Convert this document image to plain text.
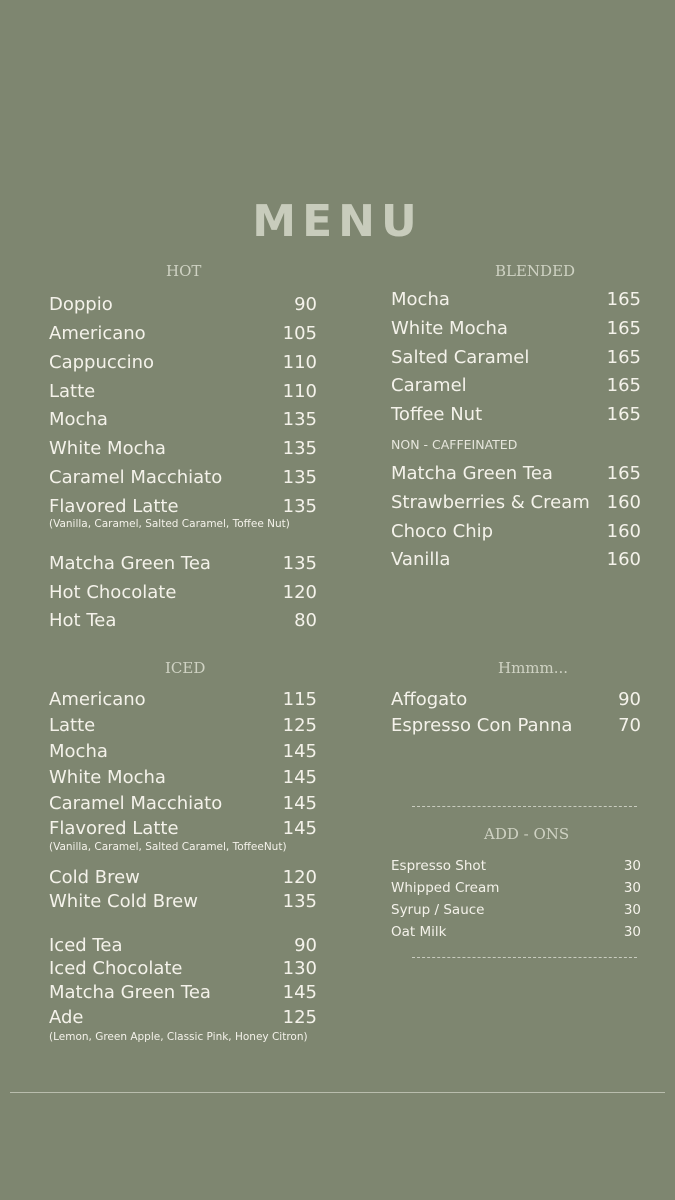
MENU
HOT
Doppio	90
Americano	105
Cappuccino	110
Latte	110
Mocha	135
White Mocha	135
Caramel Macchiato	135
Flavored Latte	135
(Vanilla, Caramel, Salted Caramel, Toffee Nut)
Matcha Green Tea	135
Hot Chocolate	120
Hot Tea	80
BLENDED
Mocha	165
White Mocha	165
Salted Caramel	165
Caramel	165
Toffee Nut	165
NON - CAFFEINATED
Matcha Green Tea	165
Strawberries & Cream 160
Choco Chip	160
Vanilla	160
ICED
Americano	115
Latte	125
Mocha	145
White Mocha	145
Caramel Macchiato	145
Flavored Latte	145
(Vanilla, Caramel, Salted Caramel, ToffeeNut)
Cold Brew	120
White Cold Brew	135
Iced Tea	90
Iced Chocolate	130
Matcha Green Tea	145
Ade	125
(Lemon, Green Apple, Classic Pink, Honey Citron)
Hmmm...
Affogato	90
Espresso Con Panna	70
ADD - ONS
Espresso Shot	30
Whipped Cream	30
Syrup / Sauce	30
Oat Milk	30
